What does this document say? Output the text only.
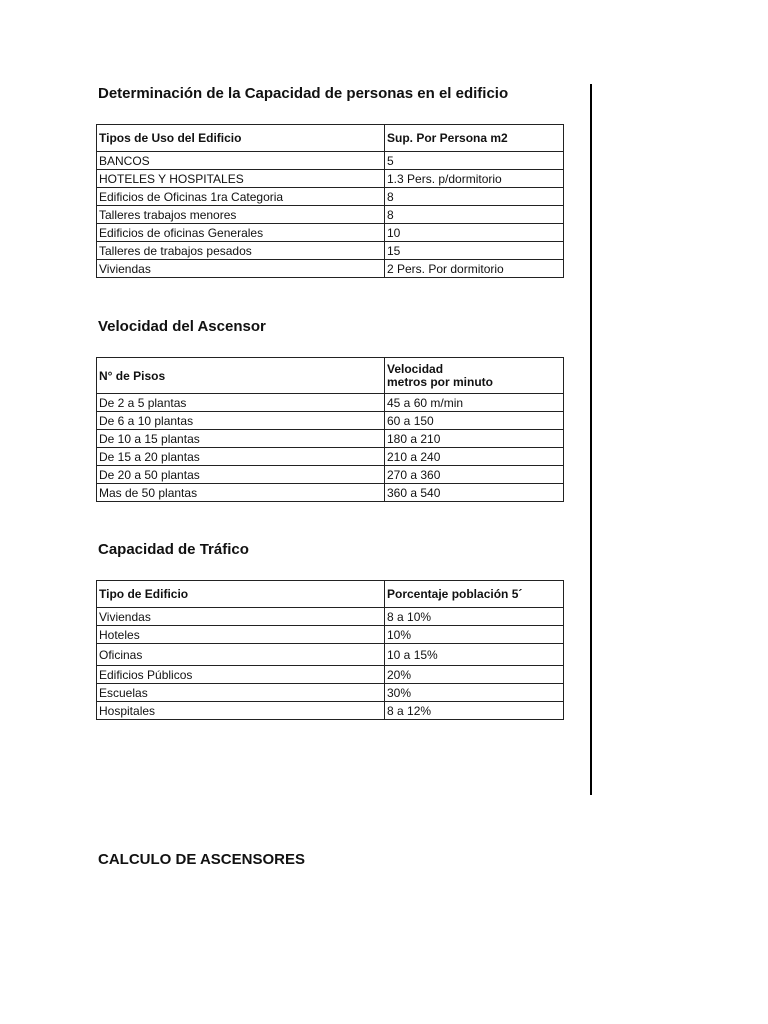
Determinación de la Capacidad de personas en el edificio
Tipos de Uso del Edificio	Sup. Por Persona m2
BANCOS	5
HOTELES Y HOSPITALES	1.3 Pers. p/dormitorio
Edificios de Oficinas 1ra Categoria	8
Talleres trabajos menores	8
Edificios de oficinas Generales	10
Talleres de trabajos pesados	15
Viviendas	2 Pers. Por dormitorio
Velocidad del Ascensor
N° de Pisos	Velocidad
metros por minuto

De 2 a 5 plantas	45 a 60 m/min
De 6 a 10 plantas	60 a 150
De 10 a 15 plantas	180 a 210
De 15 a 20 plantas	210 a 240
De 20 a 50 plantas	270 a 360
Mas de 50 plantas	360 a 540
Capacidad de Tráfico
Tipo de Edificio	Porcentaje población 5´
Viviendas	8 a 10%
Hoteles	10%
Oficinas	10 a 15%
Edificios Públicos	20%
Escuelas	30%
Hospitales	8 a 12%
CALCULO DE ASCENSORES
